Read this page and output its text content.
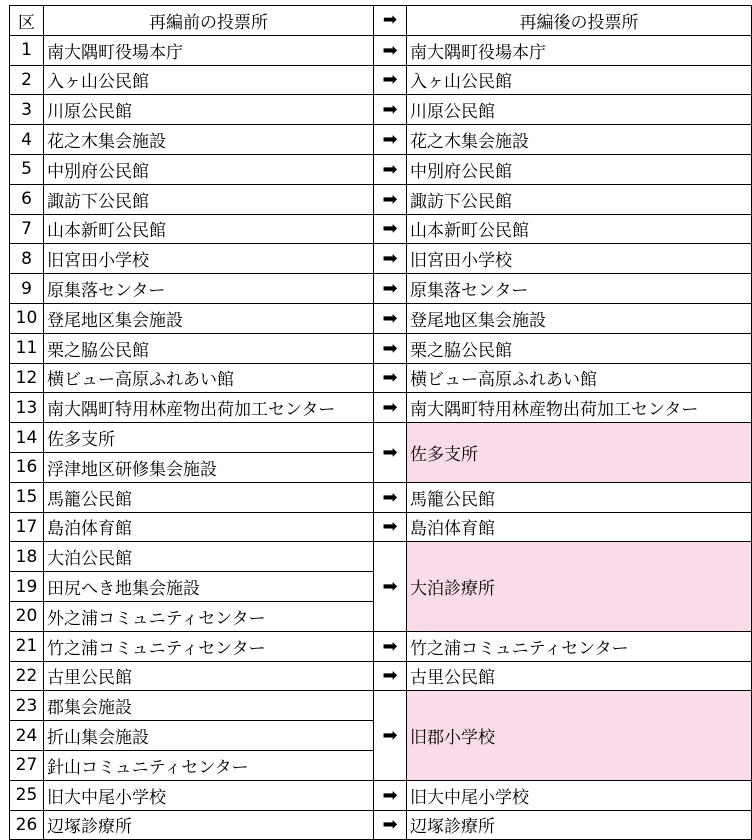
区	再編前の投票所	➡	再編後の投票所
1	南大隅町役場本庁	➡	南大隅町役場本庁
2	入ヶ山公民館	➡	入ヶ山公民館
3	川原公民館	➡	川原公民館
4	花之木集会施設	➡	花之木集会施設
5	中別府公民館	➡	中別府公民館
6	諏訪下公民館	➡	諏訪下公民館
7	山本新町公民館	➡	山本新町公民館
8	旧宮田小学校	➡	旧宮田小学校
9	原集落センター	➡	原集落センター
10	登尾地区集会施設	➡	登尾地区集会施設
11	栗之脇公民館	➡	栗之脇公民館
12	横ビュー高原ふれあい館	➡	横ビュー高原ふれあい館
13	南大隅町特用林産物出荷加工センター	➡	南大隅町特用林産物出荷加工センター
14	佐多支所	➡	佐多支所
16	浮津地区研修集会施設		
15	馬籠公民館	➡	馬籠公民館
17	島泊体育館	➡	島泊体育館
18	大泊公民館	➡	大泊診療所
19	田尻へき地集会施設		
20	外之浦コミュニティセンター		
21	竹之浦コミュニティセンター	➡	竹之浦コミュニティセンター
22	古里公民館	➡	古里公民館
23	郡集会施設	➡	旧郡小学校
24	折山集会施設		
27	針山コミュニティセンター		
25	旧大中尾小学校	➡	旧大中尾小学校
26	辺塚診療所	➡	辺塚診療所
